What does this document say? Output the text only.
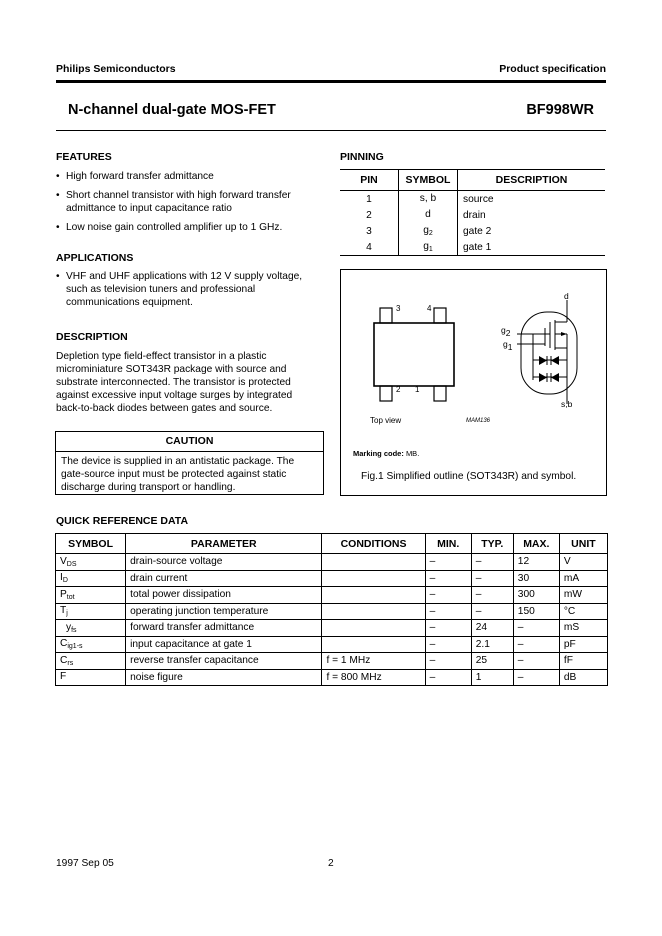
Philips Semiconductors	Product specification
N-channel dual-gate MOS-FET	BF998WR
FEATURES
• High forward transfer admittance
• Short channel transistor with high forward transfer admittance to input capacitance ratio
• Low noise gain controlled amplifier up to 1 GHz.
APPLICATIONS
• VHF and UHF applications with 12 V supply voltage, such as television tuners and professional communications equipment.
DESCRIPTION
Depletion type field-effect transistor in a plastic microminiature SOT343R package with source and substrate interconnected. The transistor is protected against excessive input voltage surges by integrated back-to-back diodes between gates and source.
CAUTION
The device is supplied in an antistatic package. The gate-source input must be protected against static discharge during transport or handling.
PINNING
PIN	SYMBOL	DESCRIPTION
1	s, b	source
2	d	drain
3	$g_2$	gate 2
4	$g_1$	gate 1
3	4
2 1
Top view	MAM136
d
g2
g1
s,b
Marking code: MB.
Fig.1 Simplified outline (SOT343R) and symbol.
QUICK REFERENCE DATA
SYMBOL	PARAMETER	CONDITIONS	MIN.	TYP.	MAX.	UNIT
$V_{DS}$	drain-source voltage		–	–	12	V
$I_D$	drain current		–	–	30	mA
$P_{tot}$	total power dissipation		–	–	300	mW
$T_j$	operating junction temperature		–	–	150	°C
$y_{fs}$	forward transfer admittance		–	24	–	mS
$C_{ig1-s}$	input capacitance at gate 1		–	2.1	–	pF
$C_{rs}$	reverse transfer capacitance	f = 1 MHz	–	25	–	fF
F	noise figure	f = 800 MHz	–	1	–	dB
1997 Sep 05	2
